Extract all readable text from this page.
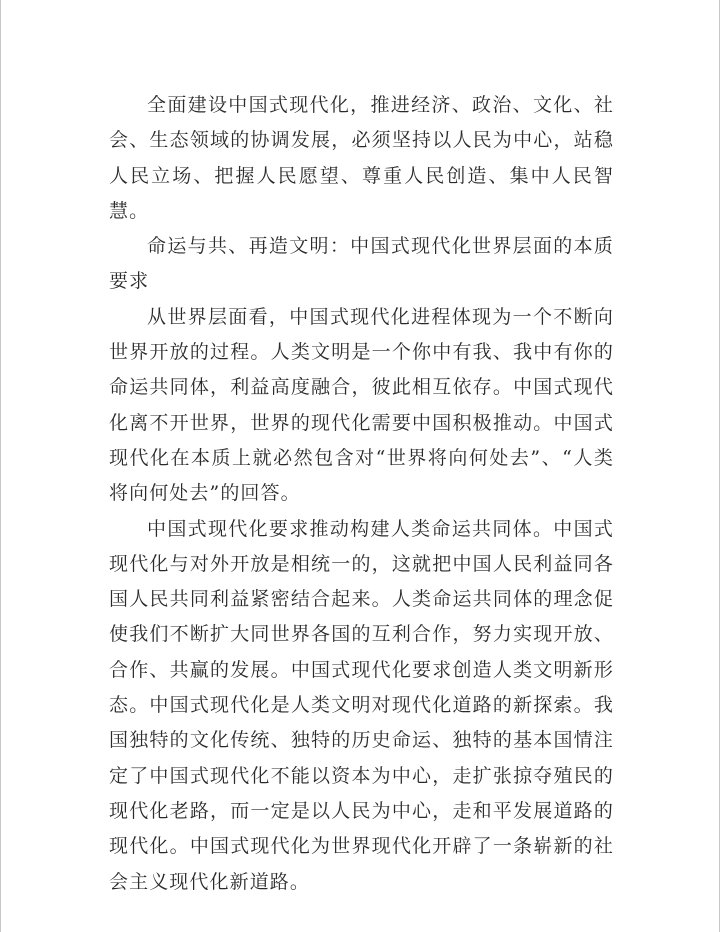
全面建设中国式现代化，推进经济、政治、文化、社会、生态领域的协调发展，必须坚持以人民为中心，站稳人民立场、把握人民愿望、尊重人民创造、集中人民智慧。

命运与共、再造文明：中国式现代化世界层面的本质要求

从世界层面看，中国式现代化进程体现为一个不断向世界开放的过程。人类文明是一个你中有我、我中有你的命运共同体，利益高度融合，彼此相互依存。中国式现代化离不开世界，世界的现代化需要中国积极推动。中国式现代化在本质上就必然包含对“世界将向何处去”、“人类将向何处去”的回答。

中国式现代化要求推动构建人类命运共同体。中国式现代化与对外开放是相统一的，这就把中国人民利益同各国人民共同利益紧密结合起来。人类命运共同体的理念促使我们不断扩大同世界各国的互利合作，努力实现开放、合作、共赢的发展。中国式现代化要求创造人类文明新形态。中国式现代化是人类文明对现代化道路的新探索。我国独特的文化传统、独特的历史命运、独特的基本国情注定了中国式现代化不能以资本为中心，走扩张掠夺殖民的现代化老路，而一定是以人民为中心，走和平发展道路的现代化。中国式现代化为世界现代化开辟了一条崭新的社会主义现代化新道路。
